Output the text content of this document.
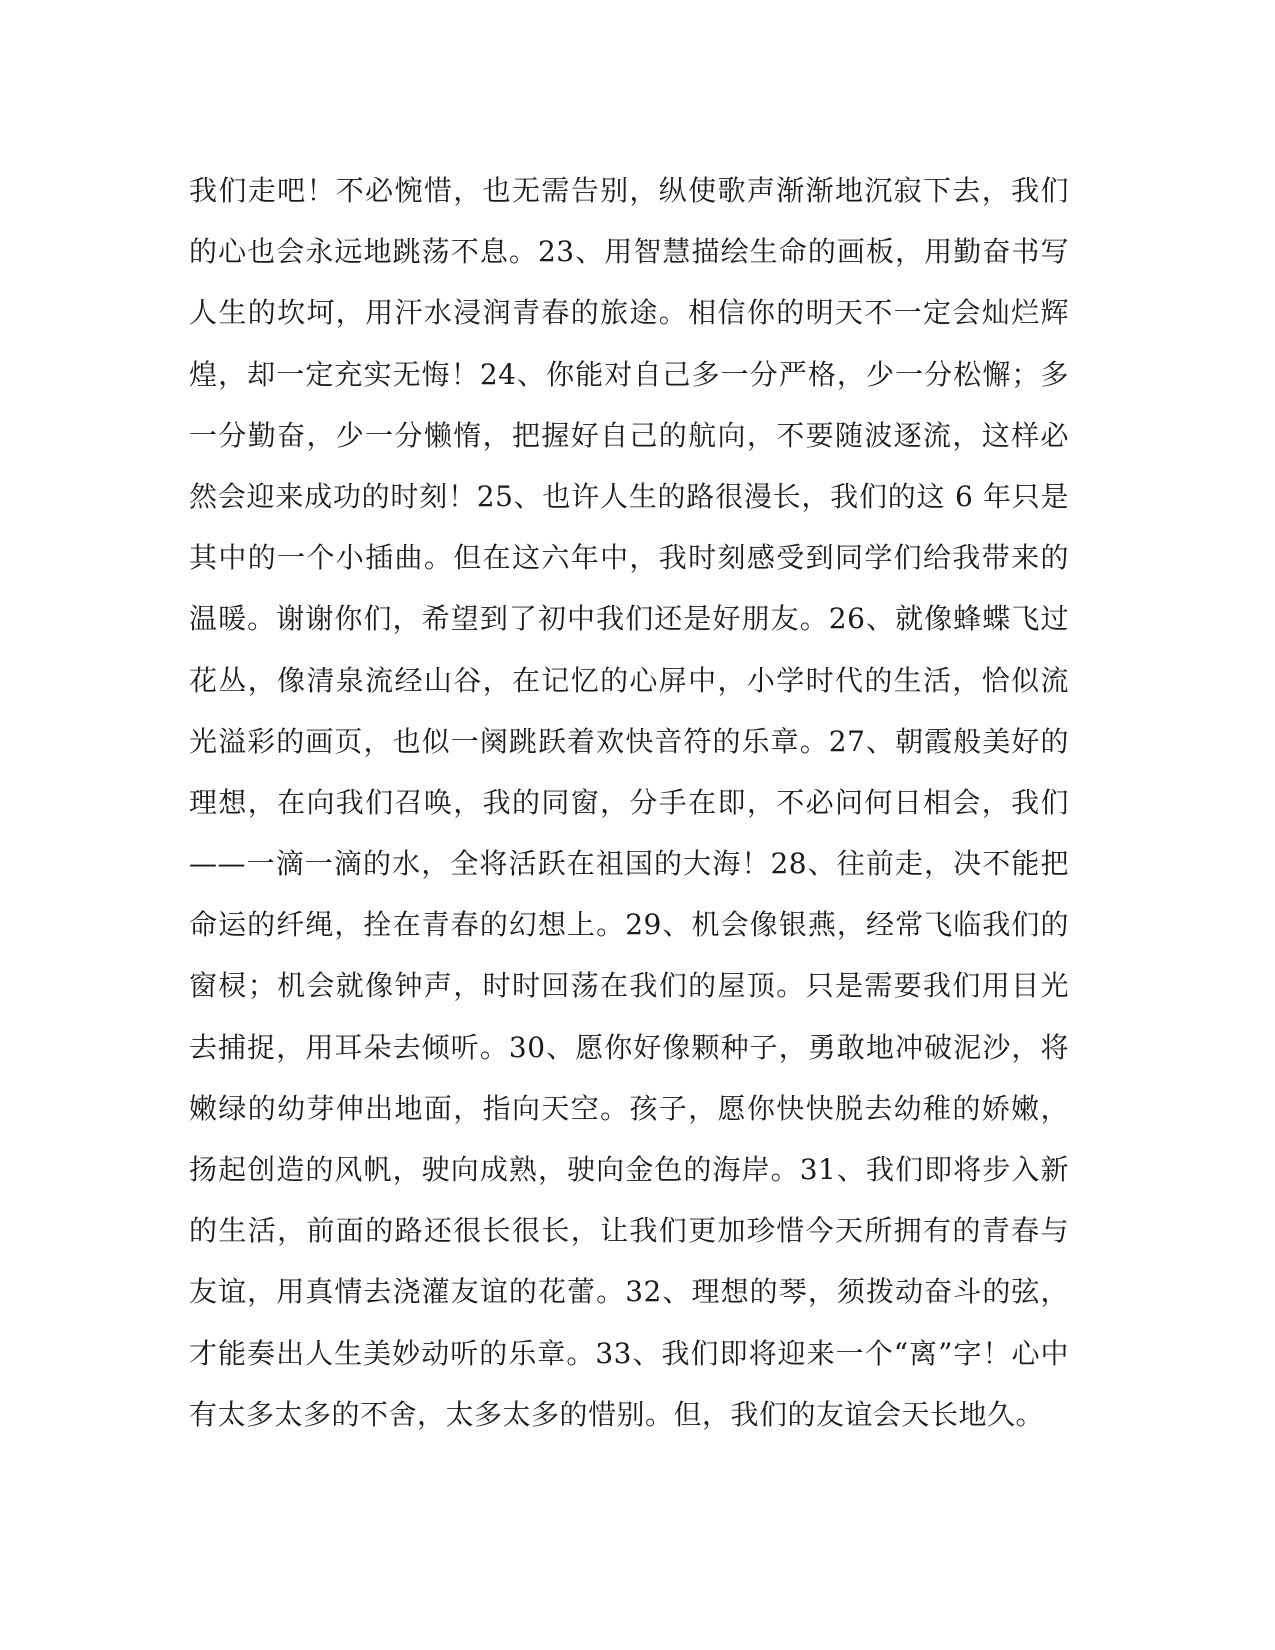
我们走吧！不必惋惜，也无需告别，纵使歌声渐渐地沉寂下去，我们
的心也会永远地跳荡不息。23、用智慧描绘生命的画板，用勤奋书写
人生的坎坷，用汗水浸润青春的旅途。相信你的明天不一定会灿烂辉
煌，却一定充实无悔！24、你能对自己多一分严格，少一分松懈；多
一分勤奋，少一分懒惰，把握好自己的航向，不要随波逐流，这样必
然会迎来成功的时刻！25、也许人生的路很漫长，我们的这 6 年只是
其中的一个小插曲。但在这六年中，我时刻感受到同学们给我带来的
温暖。谢谢你们，希望到了初中我们还是好朋友。26、就像蜂蝶飞过
花丛，像清泉流经山谷，在记忆的心屏中，小学时代的生活，恰似流
光溢彩的画页，也似一阕跳跃着欢快音符的乐章。27、朝霞般美好的
理想，在向我们召唤，我的同窗，分手在即，不必问何日相会，我们
——一滴一滴的水，全将活跃在祖国的大海！28、往前走，决不能把
命运的纤绳，拴在青春的幻想上。29、机会像银燕，经常飞临我们的
窗棂；机会就像钟声，时时回荡在我们的屋顶。只是需要我们用目光
去捕捉，用耳朵去倾听。30、愿你好像颗种子，勇敢地冲破泥沙，将
嫩绿的幼芽伸出地面，指向天空。孩子，愿你快快脱去幼稚的娇嫩，
扬起创造的风帆，驶向成熟，驶向金色的海岸。31、我们即将步入新
的生活，前面的路还很长很长，让我们更加珍惜今天所拥有的青春与
友谊，用真情去浇灌友谊的花蕾。32、理想的琴，须拨动奋斗的弦，
才能奏出人生美妙动听的乐章。33、我们即将迎来一个“离”字！心中
有太多太多的不舍，太多太多的惜别。但，我们的友谊会天长地久。
